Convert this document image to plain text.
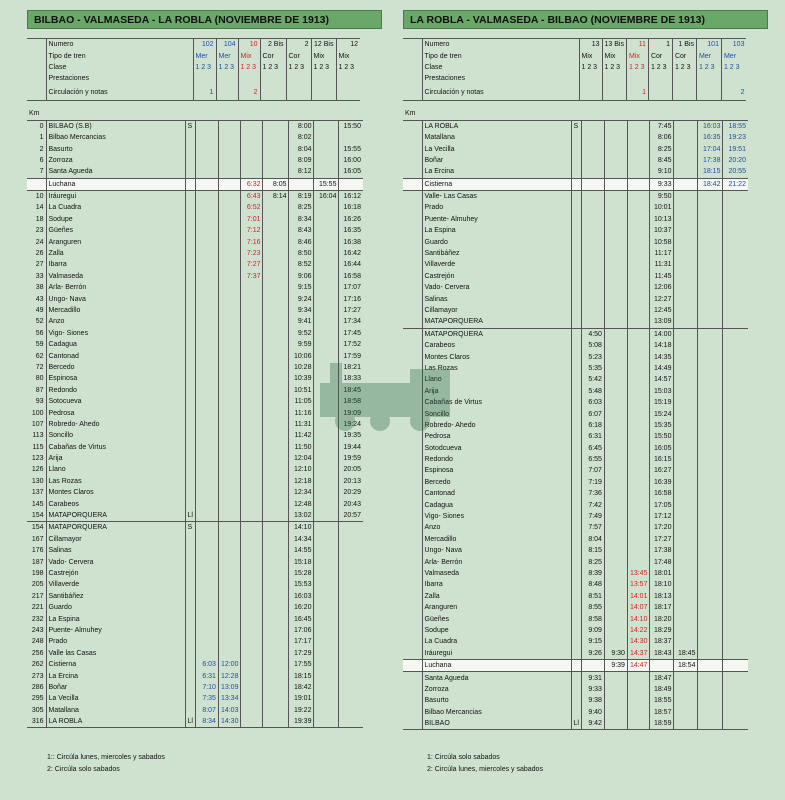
BILBAO - VALMASEDA - LA ROBLA (NOVIEMBRE DE 1913)
	Numero	102	104	10	2 Bis	2	12 Bis	12
	Tipo de tren	Mer	Mer	Mix	Cor	Cor	Mix	Mix
	Clase	1 2 3	1 2 3	1 2 3	1 2 3	1 2 3	1 2 3	1 2 3
	Prestaciones							
	Circulación y notas	1		2				
Km
0	BILBAO (S.B)	S					8:00		15:50
1	Bilbao Mercancias						8:02		
2	Basurto						8:04		15:55
6	Zorroza						8:09		16:00
7	Santa Agueda						8:12		16:05
	Luchana				6:32	8:05		15:55	
10	Iráuregui				6:43	8:14	8:19	16:04	16:12
14	La Cuadra				6:52		8:25		16:18
18	Sodupe				7:01		8:34		16:26
23	Güeñes				7:12		8:43		16:35
24	Aranguren				7:16		8:46		16:38
26	Zalla				7:23		8:50		16:42
27	Ibarra				7:27		8:52		16:44
33	Valmaseda				7:37		9:06		16:58
38	Arla- Berrón						9:15		17:07
43	Ungo- Nava						9:24		17:16
49	Mercadillo						9:34		17:27
52	Anzo						9:41		17:34
56	Vigo- Siones						9:52		17:45
59	Cadagua						9:59		17:52
62	Cantonad						10:06		17:59
72	Bercedo						10:28		18:21
80	Espinosa						10:39		18:33
87	Redondo						10:51		18:45
93	Sotocueva						11:05		18:58
100	Pedrosa						11:16		19:09
107	Robredo- Ahedo						11:31		19:24
113	Soncillo						11:42		19:35
115	Cabañas de Virtus						11:50		19:44
123	Arija						12:04		19:59
126	Llano						12:10		20:05
130	Las Rozas						12:18		20:13
137	Montes Claros						12:34		20:29
145	Carabeos						12:48		20:43
154	MATAPORQUERA	Ll					13:02		20:57
154	MATAPORQUERA	S					14:10		
167	Cillamayor						14:34		
176	Salinas						14:55		
187	Vado- Cervera						15:18		
198	Castrejón						15:28		
205	Villaverde						15:53		
217	Santibáñez						16:03		
221	Guardo						16:20		
232	La Espina						16:45		
243	Puente- Almuhey						17:06		
248	Prado						17:17		
256	Valle las Casas						17:29		
262	Cistierna		6:03	12:00			17:55		
273	La Ercina		6:31	12:28			18:15		
286	Boñar		7:10	13:09			18:42		
295	La Vecilla		7:35	13:34			19:01		
305	Matallana		8:07	14:03			19:22		
316	LA ROBLA	Ll	8:34	14:30			19:39		
1:: Circúla lunes, miercoles y sabados
2: Circúla solo sabados
LA ROBLA - VALMASEDA - BILBAO (NOVIEMBRE DE 1913)
	Numero	13	13 Bis	11	1	1 Bis	101	103
	Tipo de tren	Mix	Mix	Mix	Cor	Cor	Mer	Mer
	Clase	1 2 3	1 2 3	1 2 3	1 2 3	1 2 3	1 2 3	1 2 3
	Prestaciones							
	Circulación y notas			1				2
Km
	LA ROBLA	S				7:45		16:03	18:55
	Matallana					8:06		16:35	19:23
	La Vecilla					8:25		17:04	19:51
	Boñar					8:45		17:38	20:20
	La Ercina					9:10		18:15	20:55
	Cistierna					9:33		18:42	21:22
	Valle- Las Casas					9:50			
	Prado					10:01			
	Puente- Almuhey					10:13			
	La Espina					10:37			
	Guardo					10:58			
	Santibáñez					11:17			
	Villaverde					11:31			
	Castrejón					11:45			
	Vado- Cervera					12:06			
	Salinas					12:27			
	Cillamayor					12:45			
	MATAPORQUERA					13:09			
	MATAPORQUERA		4:50			14:00			
	Carabeos		5:08			14:18			
	Montes Claros		5:23			14:35			
	Las Rozas		5:35			14:49			
	Llano		5:42			14:57			
	Arija		5:48			15:03			
	Cabañas de Virtus		6:03			15:19			
	Soncillo		6:07			15:24			
	Robredo- Ahedo		6:18			15:35			
	Pedrosa		6:31			15:50			
	Sotodcueva		6:45			16:05			
	Redondo		6:55			16:15			
	Espinosa		7:07			16:27			
	Bercedo		7:19			16:39			
	Cantonad		7:36			16:58			
	Cadagua		7:42			17:05			
	Vigo- Siones		7:49			17:12			
	Anzo		7:57			17:20			
	Mercadillo		8:04			17:27			
	Ungo- Nava		8:15			17:38			
	Arla- Berrón		8:25			17:48			
	Valmaseda		8:39		13:45	18:01			
	Ibarra		8:48		13:57	18:10			
	Zalla		8:51		14:01	18:13			
	Aranguren		8:55		14:07	18:17			
	Güeñes		8:58		14:10	18:20			
	Sodupe		9:09		14:22	18:29			
	La Cuadra		9:15		14:30	18:37			
	Iráuregui		9:26	9:30	14:37	18:43	18:45		
	Luchana			9:39	14:47		18:54		
	Santa Agueda		9:31			18:47			
	Zorroza		9:33			18:49			
	Basurto		9:38			18:55			
	Bilbao Mercancias		9:40			18:57			
	BILBAO	Ll	9:42			18:59			
1: Circúla solo sabados
2: Circúla lunes, miercoles y sabados
